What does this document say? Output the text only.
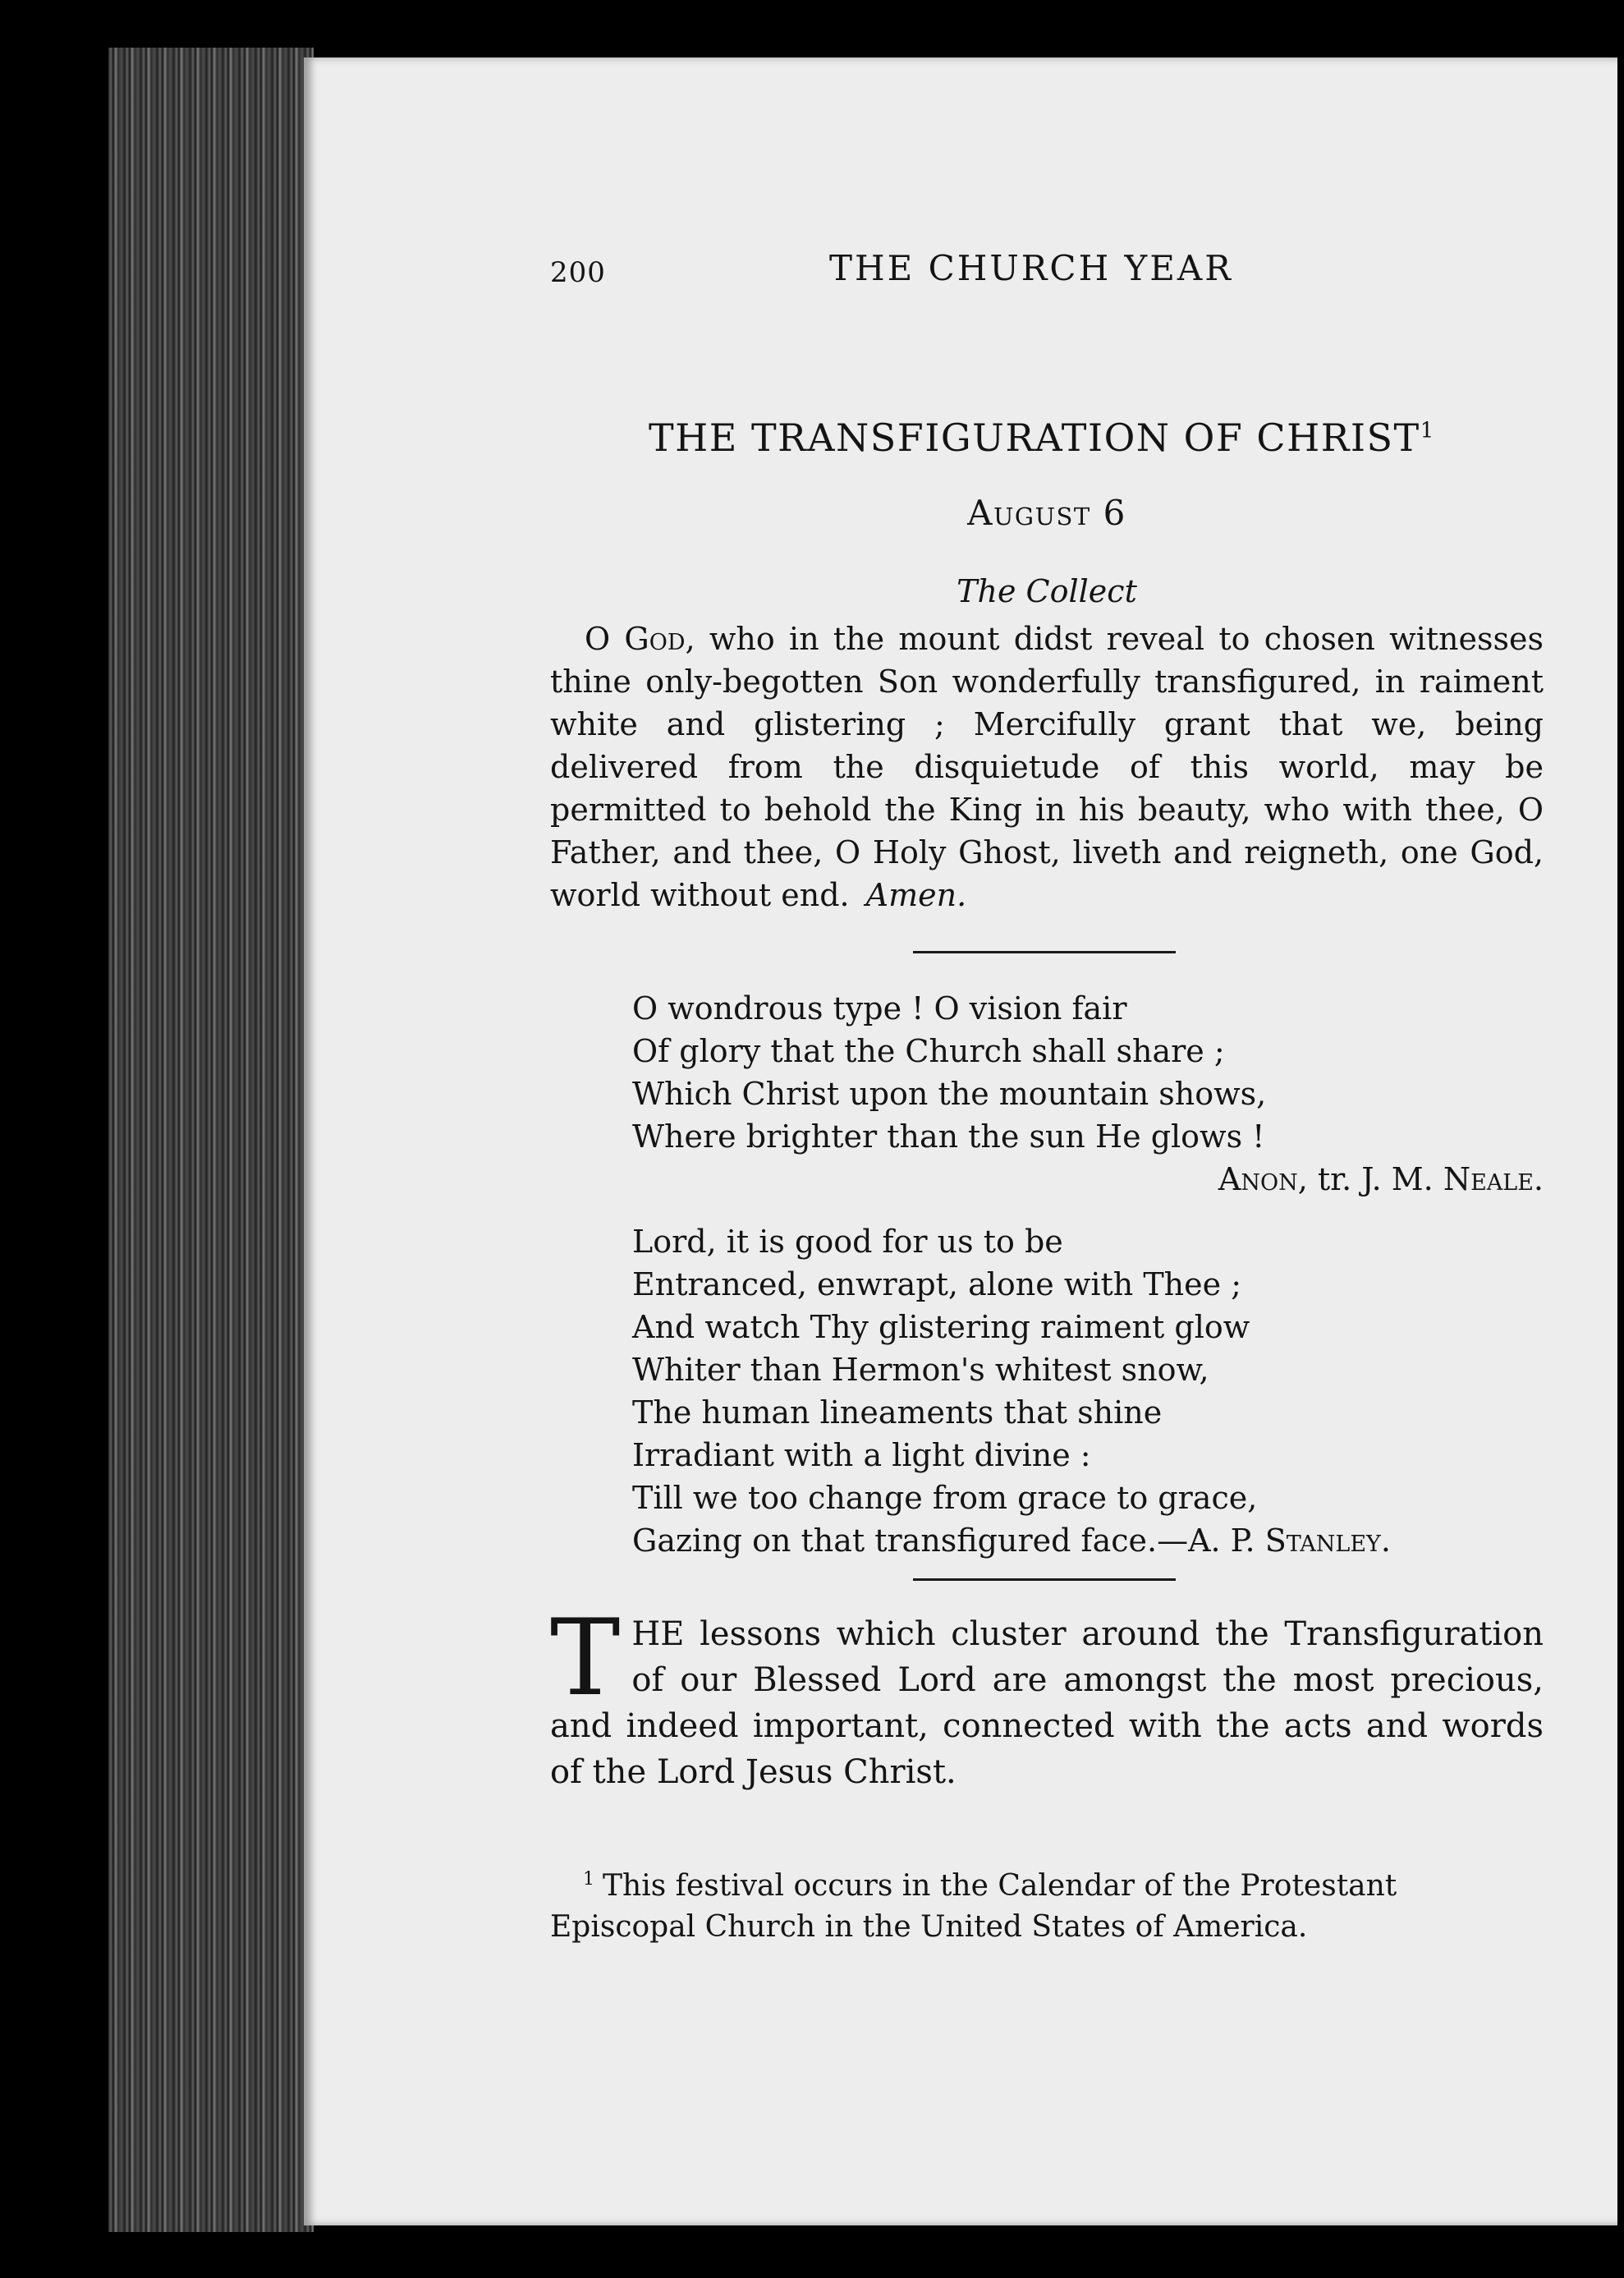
200	THE CHURCH YEAR
THE TRANSFIGURATION OF CHRIST$^1$
August 6
The Collect
O God, who in the mount didst reveal to chosen witnesses thine only-begotten Son wonderfully transfigured, in raiment white and glistering ; Mercifully grant that we, being delivered from the disquietude of this world, may be permitted to behold the King in his beauty, who with thee, O Father, and thee, O Holy Ghost, liveth and reigneth, one God, world without end. Amen.
O wondrous type ! O vision fair
Of glory that the Church shall share ;
Which Christ upon the mountain shows,
Where brighter than the sun He glows !
Anon, tr. J. M. Neale.
Lord, it is good for us to be
Entranced, enwrapt, alone with Thee ;
And watch Thy glistering raiment glow
Whiter than Hermon's whitest snow,
The human lineaments that shine
Irradiant with a light divine :
Till we too change from grace to grace,
Gazing on that transfigured face.—A. P. Stanley.
THE lessons which cluster around the Transfiguration of our Blessed Lord are amongst the most precious, and indeed important, connected with the acts and words of the Lord Jesus Christ.
$^1$ This festival occurs in the Calendar of the Protestant Episcopal Church in the United States of America.
